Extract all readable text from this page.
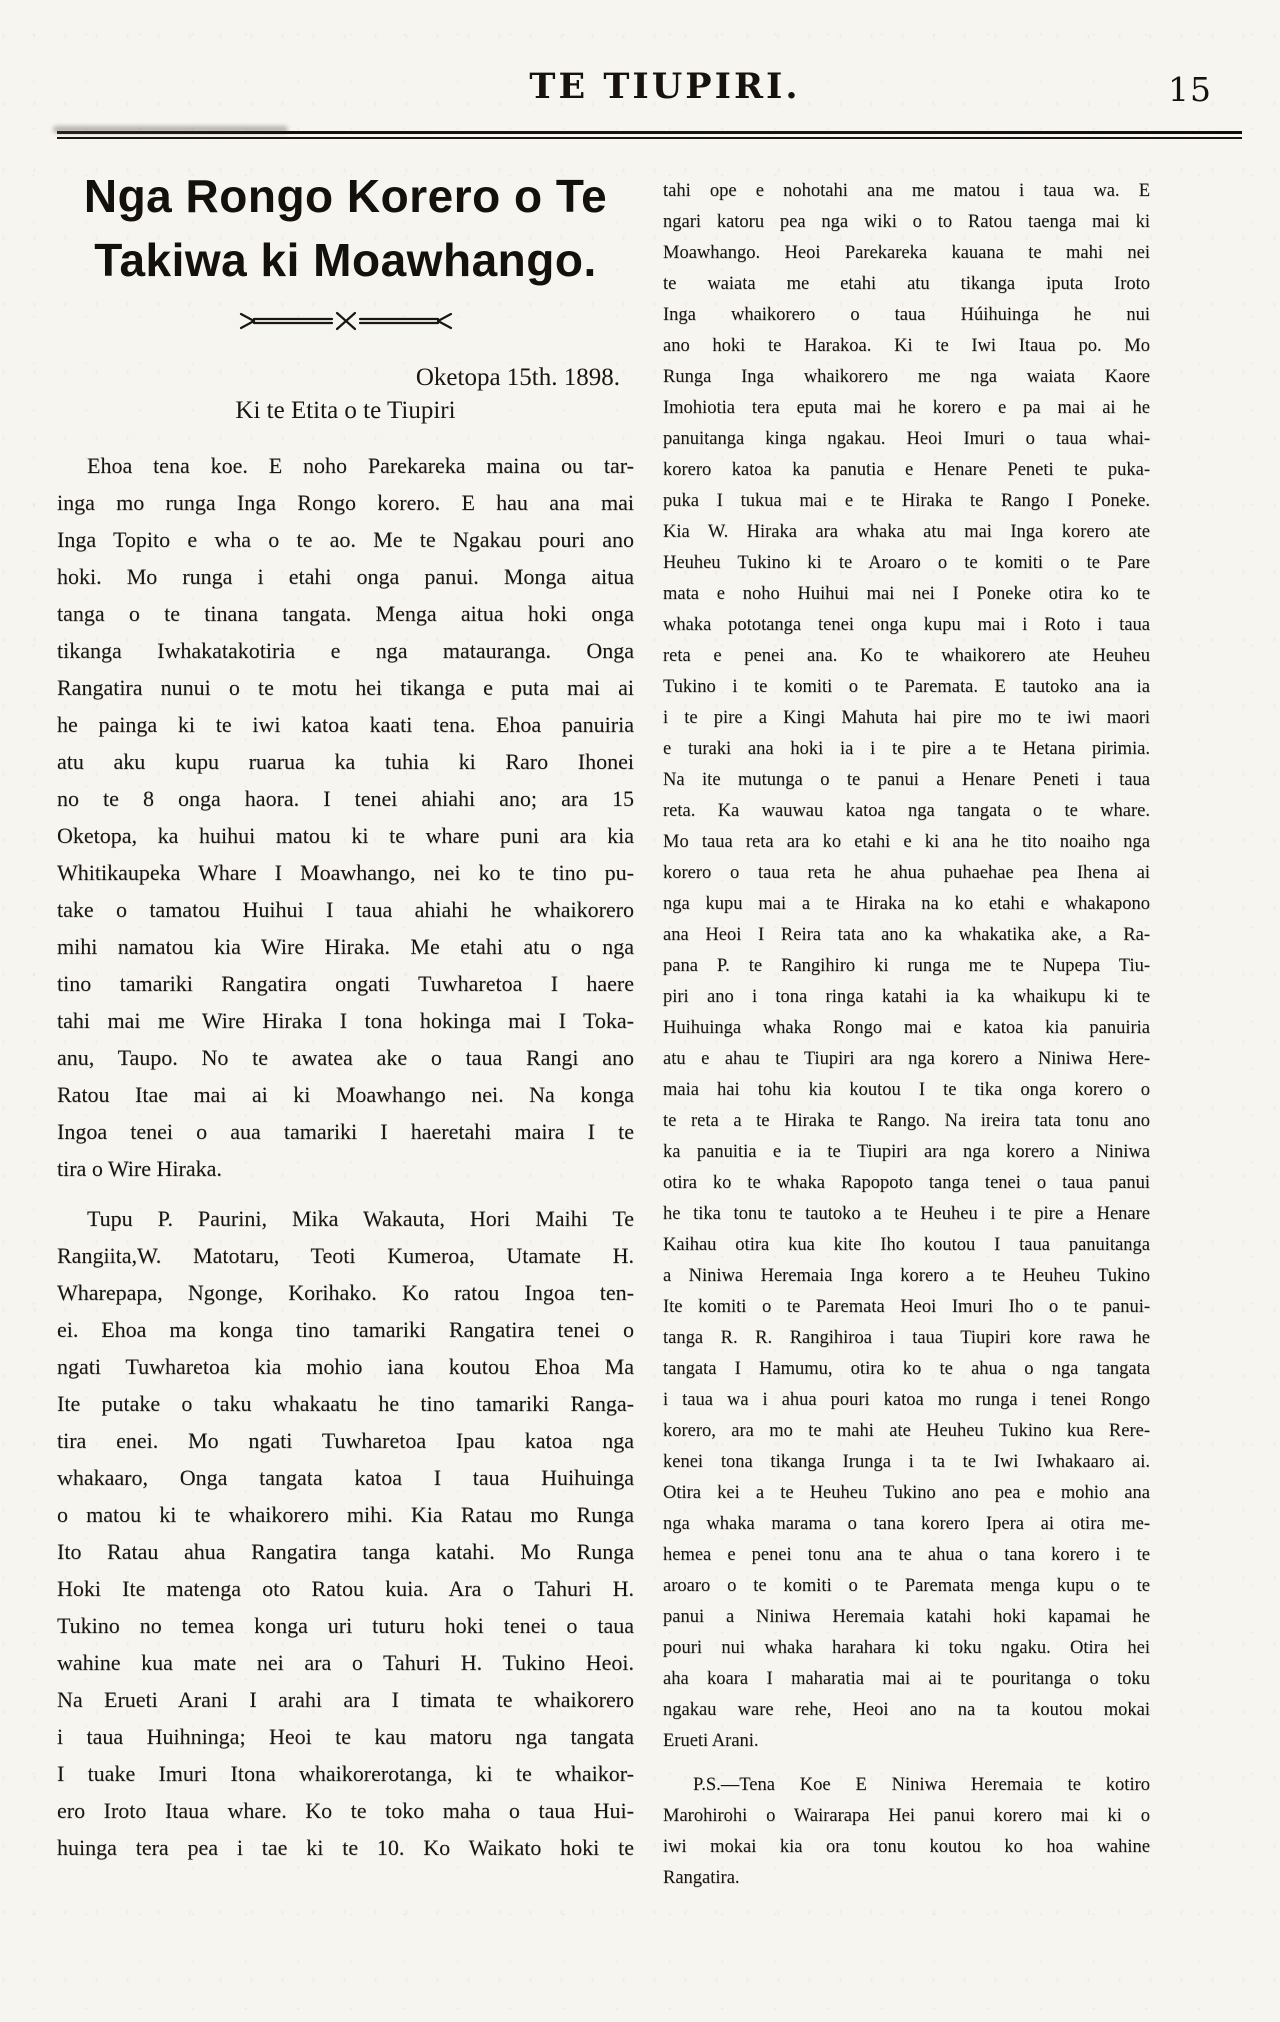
TE TIUPIRI.	15
Nga Rongo Korero o Te
Takiwa ki Moawhango.
Oketopa 15th. 1898.
Ki te Etita o te Tiupiri
Ehoa tena koe. E noho Parekareka maina ou tar-
inga mo runga Inga Rongo korero. E hau ana mai
Inga Topito e wha o te ao. Me te Ngakau pouri ano
hoki. Mo runga i etahi onga panui. Monga aitua
tanga o te tinana tangata. Menga aitua hoki onga
tikanga Iwhakatakotiria e nga matauranga. Onga
Rangatira nunui o te motu hei tikanga e puta mai ai
he painga ki te iwi katoa kaati tena. Ehoa panuiria
atu aku kupu ruarua ka tuhia ki Raro Ihonei
no te 8 onga haora. I tenei ahiahi ano; ara 15
Oketopa, ka huihui matou ki te whare puni ara kia
Whitikaupeka Whare I Moawhango, nei ko te tino pu-
take o tamatou Huihui I taua ahiahi he whaikorero
mihi namatou kia Wire Hiraka. Me etahi atu o nga
tino tamariki Rangatira ongati Tuwharetoa I haere
tahi mai me Wire Hiraka I tona hokinga mai I Toka-
anu, Taupo. No te awatea ake o taua Rangi ano
Ratou Itae mai ai ki Moawhango nei. Na konga
Ingoa tenei o aua tamariki I haeretahi maira I te
tira o Wire Hiraka.
Tupu P. Paurini, Mika Wakauta, Hori Maihi Te
Rangiita,W. Matotaru, Teoti Kumeroa, Utamate H.
Wharepapa, Ngonge, Korihako. Ko ratou Ingoa ten-
ei. Ehoa ma konga tino tamariki Rangatira tenei o
ngati Tuwharetoa kia mohio iana koutou Ehoa Ma
Ite putake o taku whakaatu he tino tamariki Ranga-
tira enei. Mo ngati Tuwharetoa Ipau katoa nga
whakaaro, Onga tangata katoa I taua Huihuinga
o matou ki te whaikorero mihi. Kia Ratau mo Runga
Ito Ratau ahua Rangatira tanga katahi. Mo Runga
Hoki Ite matenga oto Ratou kuia. Ara o Tahuri H.
Tukino no temea konga uri tuturu hoki tenei o taua
wahine kua mate nei ara o Tahuri H. Tukino Heoi.
Na Erueti Arani I arahi ara I timata te whaikorero
i taua Huihninga; Heoi te kau matoru nga tangata
I tuake Imuri Itona whaikorerotanga, ki te whaikor-
ero Iroto Itaua whare. Ko te toko maha o taua Hui-
huinga tera pea i tae ki te 10. Ko Waikato hoki te
tahi ope e nohotahi ana me matou i taua wa. E
ngari katoru pea nga wiki o to Ratou taenga mai ki
Moawhango. Heoi Parekareka kauana te mahi nei
te waiata me etahi atu tikanga iputa Iroto
Inga whaikorero o taua Húihuinga he nui
ano hoki te Harakoa. Ki te Iwi Itaua po. Mo
Runga Inga whaikorero me nga waiata Kaore
Imohiotia tera eputa mai he korero e pa mai ai he
panuitanga kinga ngakau. Heoi Imuri o taua whai-
korero katoa ka panutia e Henare Peneti te puka-
puka I tukua mai e te Hiraka te Rango I Poneke.
Kia W. Hiraka ara whaka atu mai Inga korero ate
Heuheu Tukino ki te Aroaro o te komiti o te Pare
mata e noho Huihui mai nei I Poneke otira ko te
whaka pototanga tenei onga kupu mai i Roto i taua
reta e penei ana. Ko te whaikorero ate Heuheu
Tukino i te komiti o te Paremata. E tautoko ana ia
i te pire a Kingi Mahuta hai pire mo te iwi maori
e turaki ana hoki ia i te pire a te Hetana pirimia.
Na ite mutunga o te panui a Henare Peneti i taua
reta. Ka wauwau katoa nga tangata o te whare.
Mo taua reta ara ko etahi e ki ana he tito noaiho nga
korero o taua reta he ahua puhaehae pea Ihena ai
nga kupu mai a te Hiraka na ko etahi e whakapono
ana Heoi I Reira tata ano ka whakatika ake, a Ra-
pana P. te Rangihiro ki runga me te Nupepa Tiu-
piri ano i tona ringa katahi ia ka whaikupu ki te
Huihuinga whaka Rongo mai e katoa kia panuiria
atu e ahau te Tiupiri ara nga korero a Niniwa Here-
maia hai tohu kia koutou I te tika onga korero o
te reta a te Hiraka te Rango. Na ireira tata tonu ano
ka panuitia e ia te Tiupiri ara nga korero a Niniwa
otira ko te whaka Rapopoto tanga tenei o taua panui
he tika tonu te tautoko a te Heuheu i te pire a Henare
Kaihau otira kua kite Iho koutou I taua panuitanga
a Niniwa Heremaia Inga korero a te Heuheu Tukino
Ite komiti o te Paremata Heoi Imuri Iho o te panui-
tanga R. R. Rangihiroa i taua Tiupiri kore rawa he
tangata I Hamumu, otira ko te ahua o nga tangata
i taua wa i ahua pouri katoa mo runga i tenei Rongo
korero, ara mo te mahi ate Heuheu Tukino kua Rere-
kenei tona tikanga Irunga i ta te Iwi Iwhakaaro ai.
Otira kei a te Heuheu Tukino ano pea e mohio ana
nga whaka marama o tana korero Ipera ai otira me-
hemea e penei tonu ana te ahua o tana korero i te
aroaro o te komiti o te Paremata menga kupu o te
panui a Niniwa Heremaia katahi hoki kapamai he
pouri nui whaka harahara ki toku ngaku. Otira hei
aha koara I maharatia mai ai te pouritanga o toku
ngakau ware rehe, Heoi ano na ta koutou mokai
Erueti Arani.
P.S.—Tena Koe E Niniwa Heremaia te kotiro
Marohirohi o Wairarapa Hei panui korero mai ki o
iwi mokai kia ora tonu koutou ko hoa wahine
Rangatira.
